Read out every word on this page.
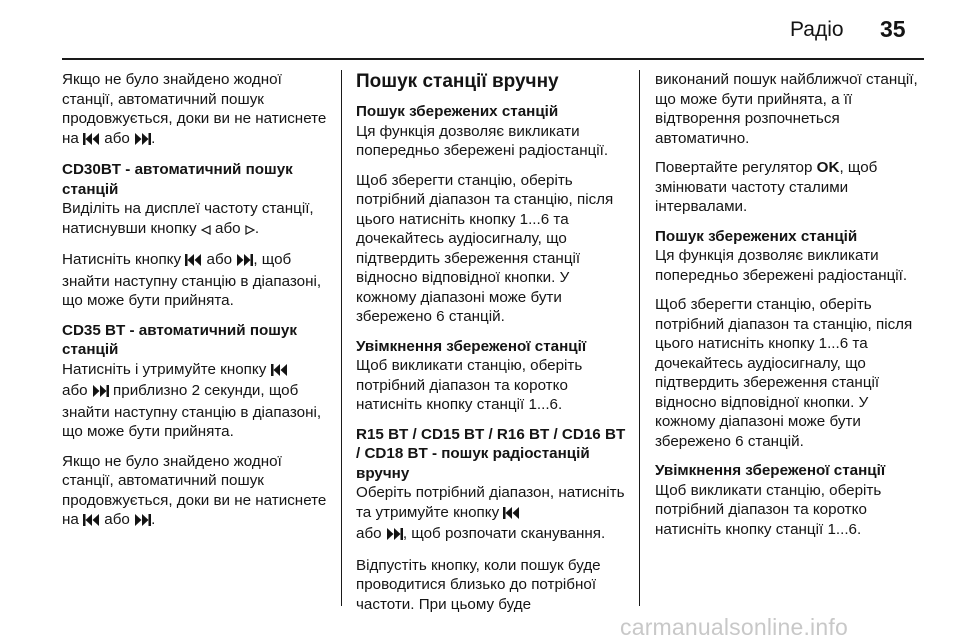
Радіо 35

Якщо не було знайдено жодної станції, автоматичний пошук продовжується, доки ви не натиснете на  або .

CD30BT - автоматичний пошук станцій

Виділіть на дисплеї частоту станції, натиснувши кнопку  або .

Натисніть кнопку  або , щоб знайти наступну станцію в діапазоні, що може бути прийнята.

CD35 BT - автоматичний пошук станцій

Натисніть і утримуйте кнопку
або  приблизно 2 секунди, щоб знайти наступну станцію в діапазоні, що може бути прийнята.

Якщо не було знайдено жодної станції, автоматичний пошук продовжується, доки ви не натиснете на  або .

Пошук станції вручну
Пошук збережених станцій

Ця функція дозволяє викликати попередньо збережені радіостанції.

Щоб зберегти станцію, оберіть потрібний діапазон та станцію, після цього натисніть кнопку 1...6 та дочекайтесь аудіосигналу, що підтвердить збереження станції відносно відповідної кнопки. У кожному діапазоні може бути збережено 6 станцій.

Увімкнення збереженої станції

Щоб викликати станцію, оберіть потрібний діапазон та коротко натисніть кнопку станції 1...6.

R15 BT / CD15 BT / R16 BT / CD16 BT / CD18 BT - пошук радіостанцій вручну

Оберіть потрібний діапазон, натисніть та утримуйте кнопку
або , щоб розпочати сканування.

Відпустіть кнопку, коли пошук буде проводитися близько до потрібної частоти. При цьому буде

виконаний пошук найближчої станції, що може бути прийнята, а її відтворення розпочнеться автоматично.

Повертайте регулятор OK, щоб змінювати частоту сталими інтервалами.

Пошук збережених станцій

Ця функція дозволяє викликати попередньо збережені радіостанції.

Щоб зберегти станцію, оберіть потрібний діапазон та станцію, після цього натисніть кнопку 1...6 та дочекайтесь аудіосигналу, що підтвердить збереження станції відносно відповідної кнопки. У кожному діапазоні може бути збережено 6 станцій.

Увімкнення збереженої станції

Щоб викликати станцію, оберіть потрібний діапазон та коротко натисніть кнопку станції 1...6.

carmanualsonline.info
